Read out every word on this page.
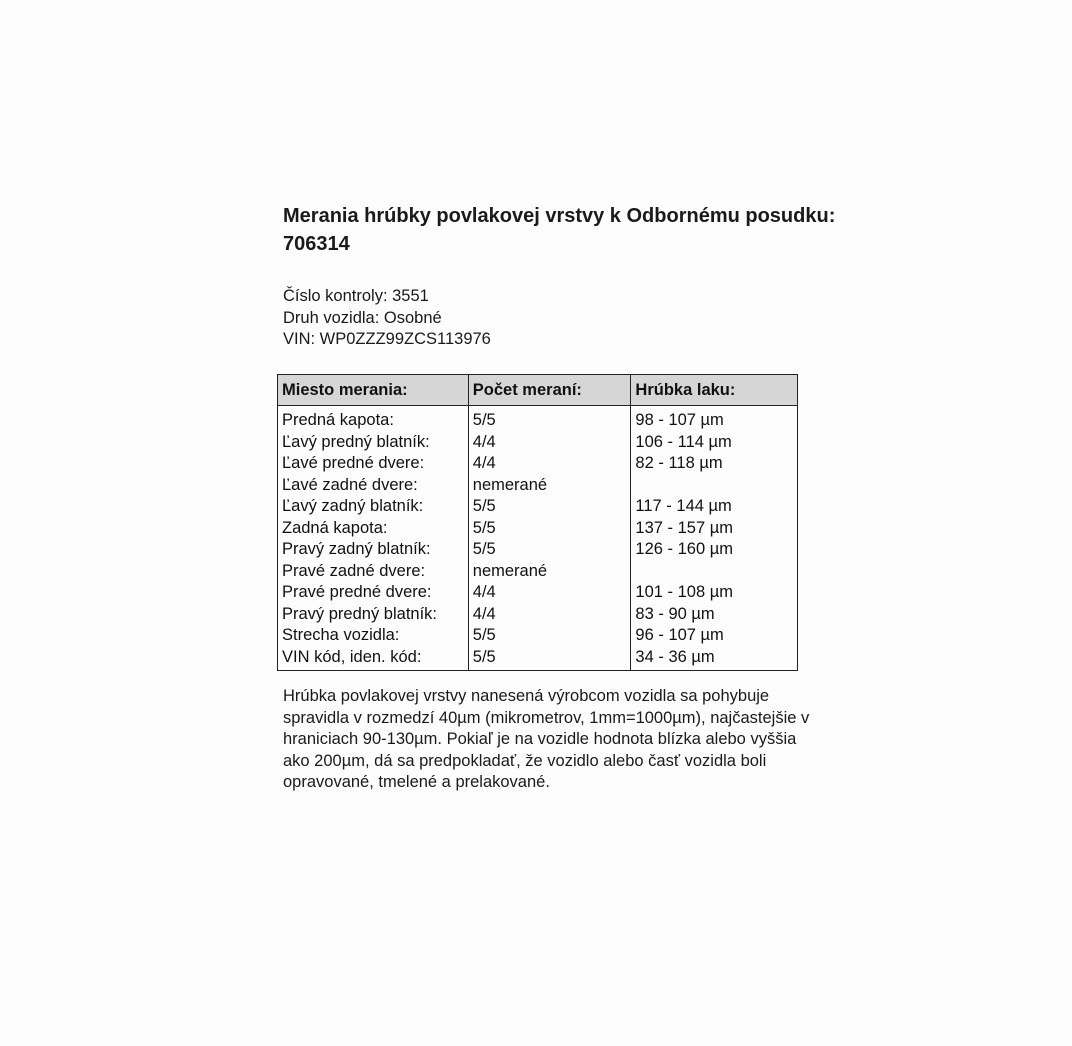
Merania hrúbky povlakovej vrstvy k Odbornému posudku: 706314
Číslo kontroly: 3551
Druh vozidla: Osobné
VIN: WP0ZZZ99ZCS113976
Miesto merania:	Počet meraní:	Hrúbka laku:
Predná kapota:	5/5	98 - 107 µm
Ľavý predný blatník:	4/4	106 - 114 µm
Ľavé predné dvere:	4/4	82 - 118 µm
Ľavé zadné dvere:	nemerané	
Ľavý zadný blatník:	5/5	117 - 144 µm
Zadná kapota:	5/5	137 - 157 µm
Pravý zadný blatník:	5/5	126 - 160 µm
Pravé zadné dvere:	nemerané	
Pravé predné dvere:	4/4	101 - 108 µm
Pravý predný blatník:	4/4	83 - 90 µm
Strecha vozidla:	5/5	96 - 107 µm
VIN kód, iden. kód:	5/5	34 - 36 µm

Hrúbka povlakovej vrstvy nanesená výrobcom vozidla sa pohybuje spravidla v rozmedzí 40µm (mikrometrov, 1mm=1000µm), najčastejšie v hraniciach 90-130µm. Pokiaľ je na vozidle hodnota blízka alebo vyššia ako 200µm, dá sa predpokladať, že vozidlo alebo časť vozidla boli opravované, tmelené a prelakované.
